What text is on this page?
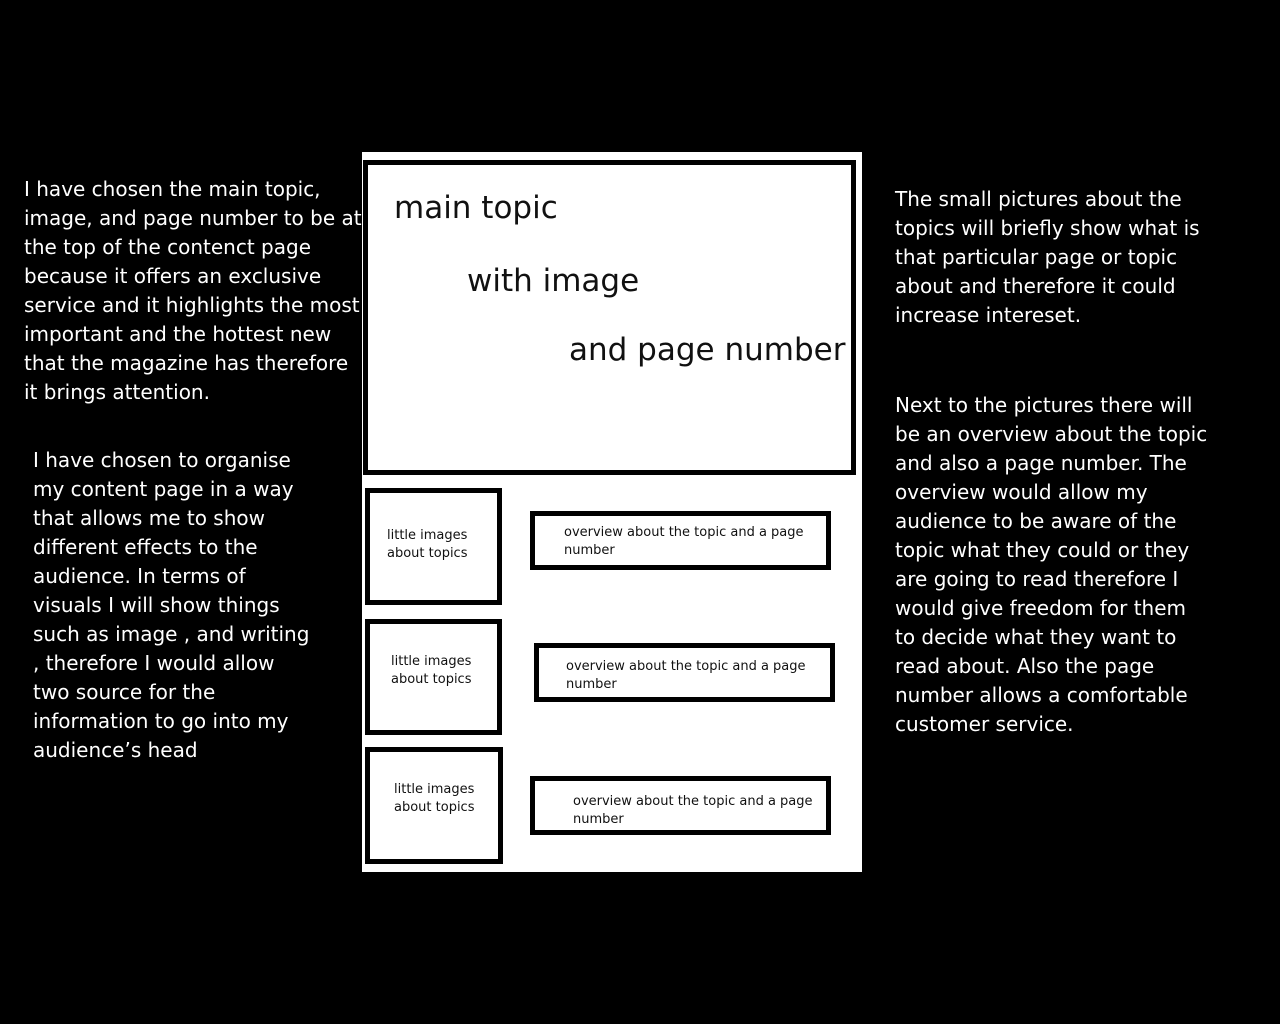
I have chosen the main topic,
image, and page number to be at
the top of the contenct page
because it offers an exclusive
service and it highlights the most
important and the hottest new
that the magazine has therefore
it brings attention.

I have chosen to organise
my content page in a way
that allows me to show
different effects to the
audience. In terms of
visuals I will show things
such as image , and writing
, therefore I would allow
two source for the
information to go into my
audience’s head

The small pictures about the
topics will briefly show what is
that particular page or topic
about and therefore it could
increase intereset.

Next to the pictures there will
be an overview about the topic
and also a page number. The
overview would allow my
audience to be aware of the
topic what they could or they
are going to read therefore I
would give freedom for them
to decide what they want to
read about. Also the page
number allows a comfortable
customer service.

main topic
with image
and page number
little images
about topics
overview about the topic and a page
number
little images
about topics
overview about the topic and a page
number
little images
about topics	overview about the topic and a page
number
